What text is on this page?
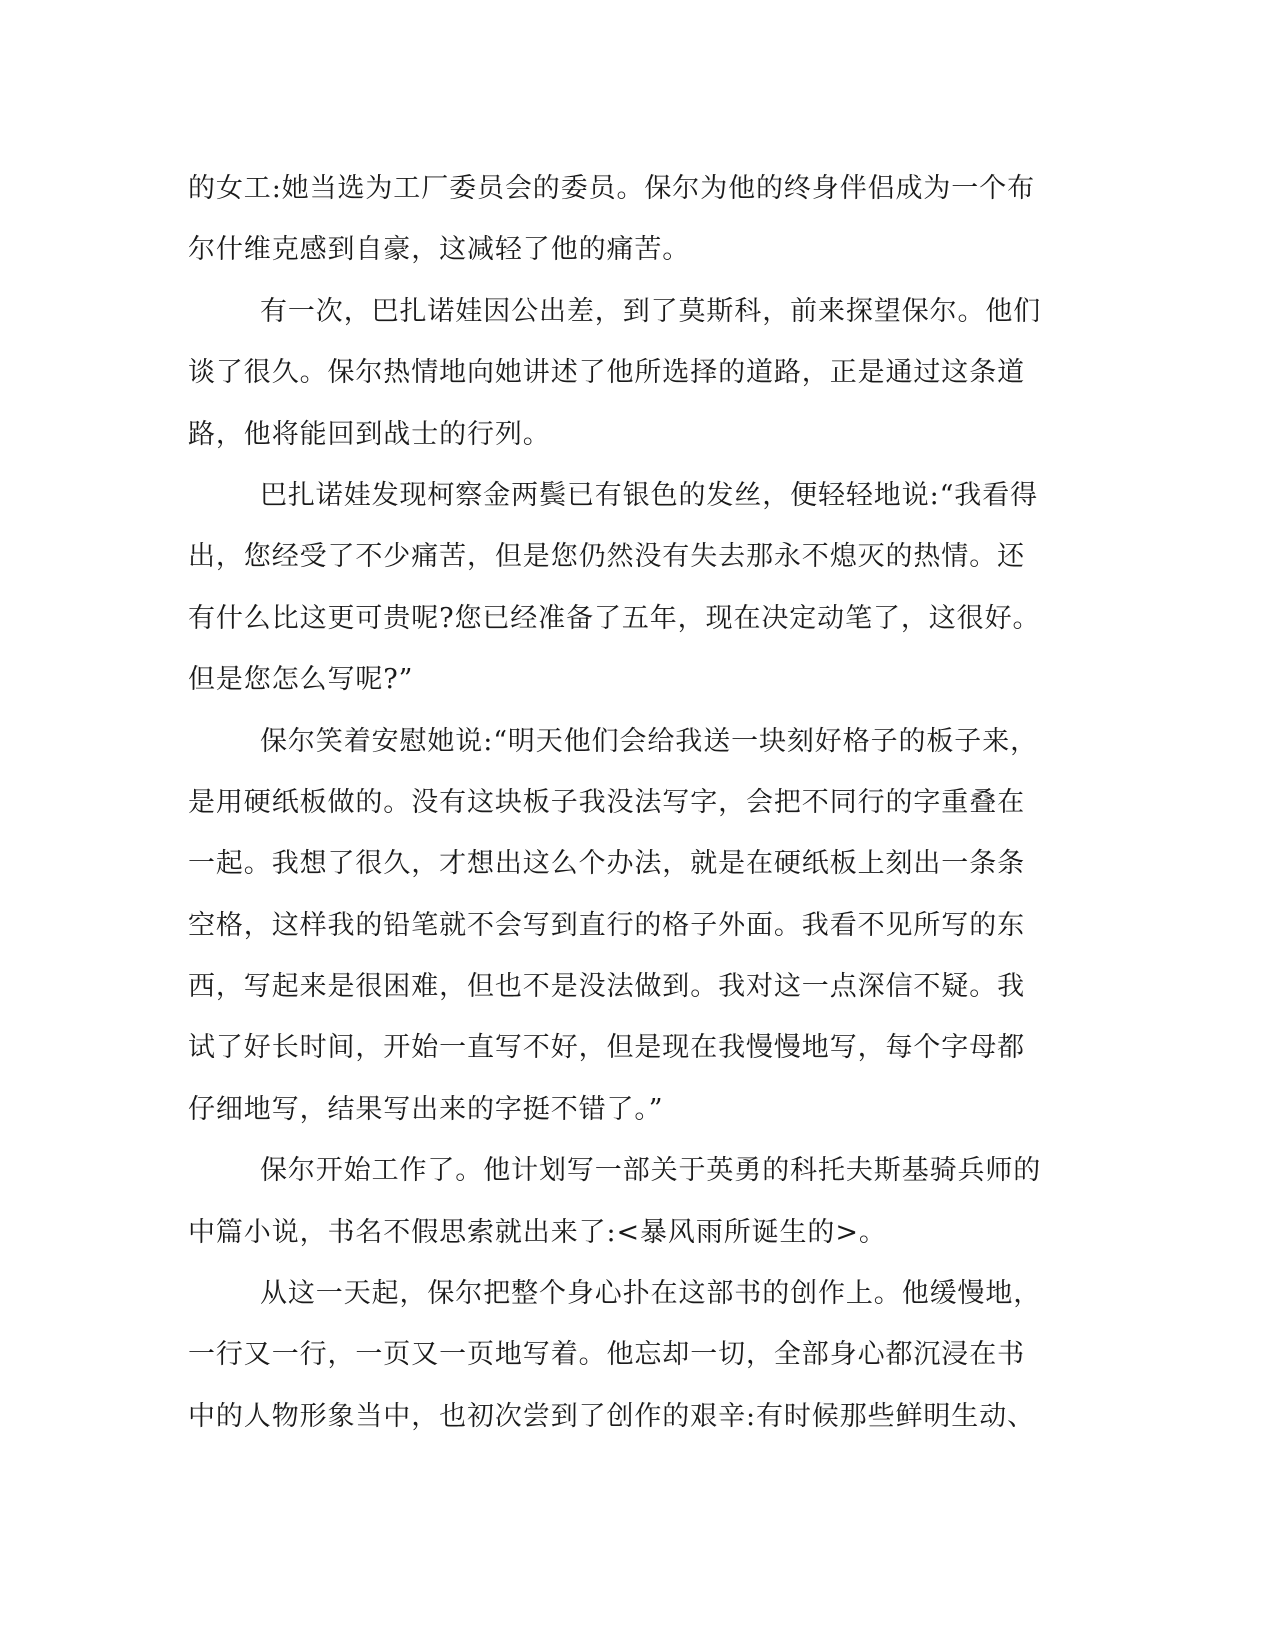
的女工:她当选为工厂委员会的委员。保尔为他的终身伴侣成为一个布
尔什维克感到自豪，这减轻了他的痛苦。
有一次，巴扎诺娃因公出差，到了莫斯科，前来探望保尔。他们
谈了很久。保尔热情地向她讲述了他所选择的道路，正是通过这条道
路，他将能回到战士的行列。
巴扎诺娃发现柯察金两鬓已有银色的发丝，便轻轻地说:“我看得
出，您经受了不少痛苦，但是您仍然没有失去那永不熄灭的热情。还
有什么比这更可贵呢?您已经准备了五年，现在决定动笔了，这很好。
但是您怎么写呢?”
保尔笑着安慰她说:“明天他们会给我送一块刻好格子的板子来，
是用硬纸板做的。没有这块板子我没法写字，会把不同行的字重叠在
一起。我想了很久，才想出这么个办法，就是在硬纸板上刻出一条条
空格，这样我的铅笔就不会写到直行的格子外面。我看不见所写的东
西，写起来是很困难，但也不是没法做到。我对这一点深信不疑。我
试了好长时间，开始一直写不好，但是现在我慢慢地写，每个字母都
仔细地写，结果写出来的字挺不错了。”
保尔开始工作了。他计划写一部关于英勇的科托夫斯基骑兵师的
中篇小说，书名不假思索就出来了:<暴风雨所诞生的>。
从这一天起，保尔把整个身心扑在这部书的创作上。他缓慢地，
一行又一行，一页又一页地写着。他忘却一切，全部身心都沉浸在书
中的人物形象当中，也初次尝到了创作的艰辛:有时候那些鲜明生动、
